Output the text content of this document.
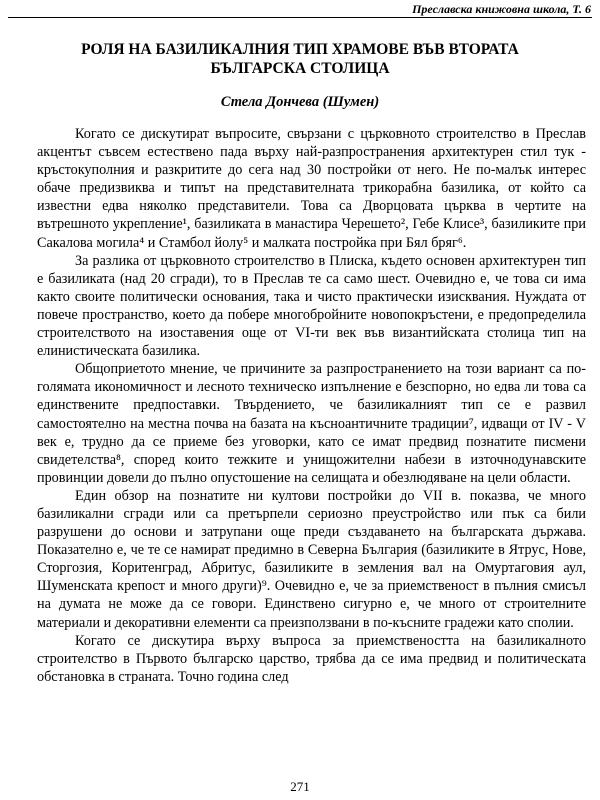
Преславска книжовна школа, Т. 6
РОЛЯ НА БАЗИЛИКАЛНИЯ ТИП ХРАМОВЕ ВЪВ ВТОРАТА
БЪЛГАРСКА СТОЛИЦА
Стела Дончева (Шумен)

Когато се дискутират въпросите, свързани с църковното строителство в Преслав акцентът съвсем естествено пада върху най-разпространения архитектурен стил тук - кръстокуполния и разкритите до сега над 30 постройки от него. Не по-малък интерес обаче предизвиква и типът на представителната трикорабна базилика, от който са известни едва няколко представители. Това са Дворцовата църква в чертите на вътрешното укрепление¹, базиликата в манастира Черешето², Гебе Клисе³, базиликите при Сакалова могила⁴ и Стамбол йолу⁵ и малката постройка при Бял бряг⁶.

За разлика от църковното строителство в Плиска, където основен архитектурен тип е базиликата (над 20 сгради), то в Преслав те са само шест. Очевидно е, че това си има както своите политически основания, така и чисто практически изисквания. Нуждата от повече пространство, което да побере многобройните новопокръстени, е предопределила строителството на изоставения още от VI-ти век във византийската столица тип на елинистическата базилика.

Общоприетото мнение, че причините за разпространението на този вариант са по-голямата икономичност и лесното техническо изпълнение е безспорно, но едва ли това са единствените предпоставки. Твърдението, че базиликалният тип се е развил самостоятелно на местна почва на базата на късноантичните традиции⁷, идващи от IV - V век е, трудно да се приеме без уговорки, като се имат предвид познатите писмени свидетелства⁸, според които тежките и унищожителни набези в източнодунавските провинции довели до пълно опустошение на селищата и обезлюдяване на цели области.

Един обзор на познатите ни култови постройки до VII в. показва, че много базиликални сгради или са претърпели сериозно преустройство или пък са били разрушени до основи и затрупани още преди създаването на българската държава. Показателно е, че те се намират предимно в Северна България (базиликите в Ятрус, Нове, Сторгозия, Коритенград, Абритус, базиликите в земления вал на Омуртаговия аул, Шуменската крепост и много други)⁹. Очевидно е, че за приемственост в пълния смисъл на думата не може да се говори. Единствено сигурно е, че много от строителните материали и декоративни елементи са преизползвани в по-късните градежи като сполии.

Когато се дискутира върху въпроса за приемствеността на базиликалното строителство в Първото българско царство, трябва да се има предвид и политическата обстановка в страната. Точно година след

271
